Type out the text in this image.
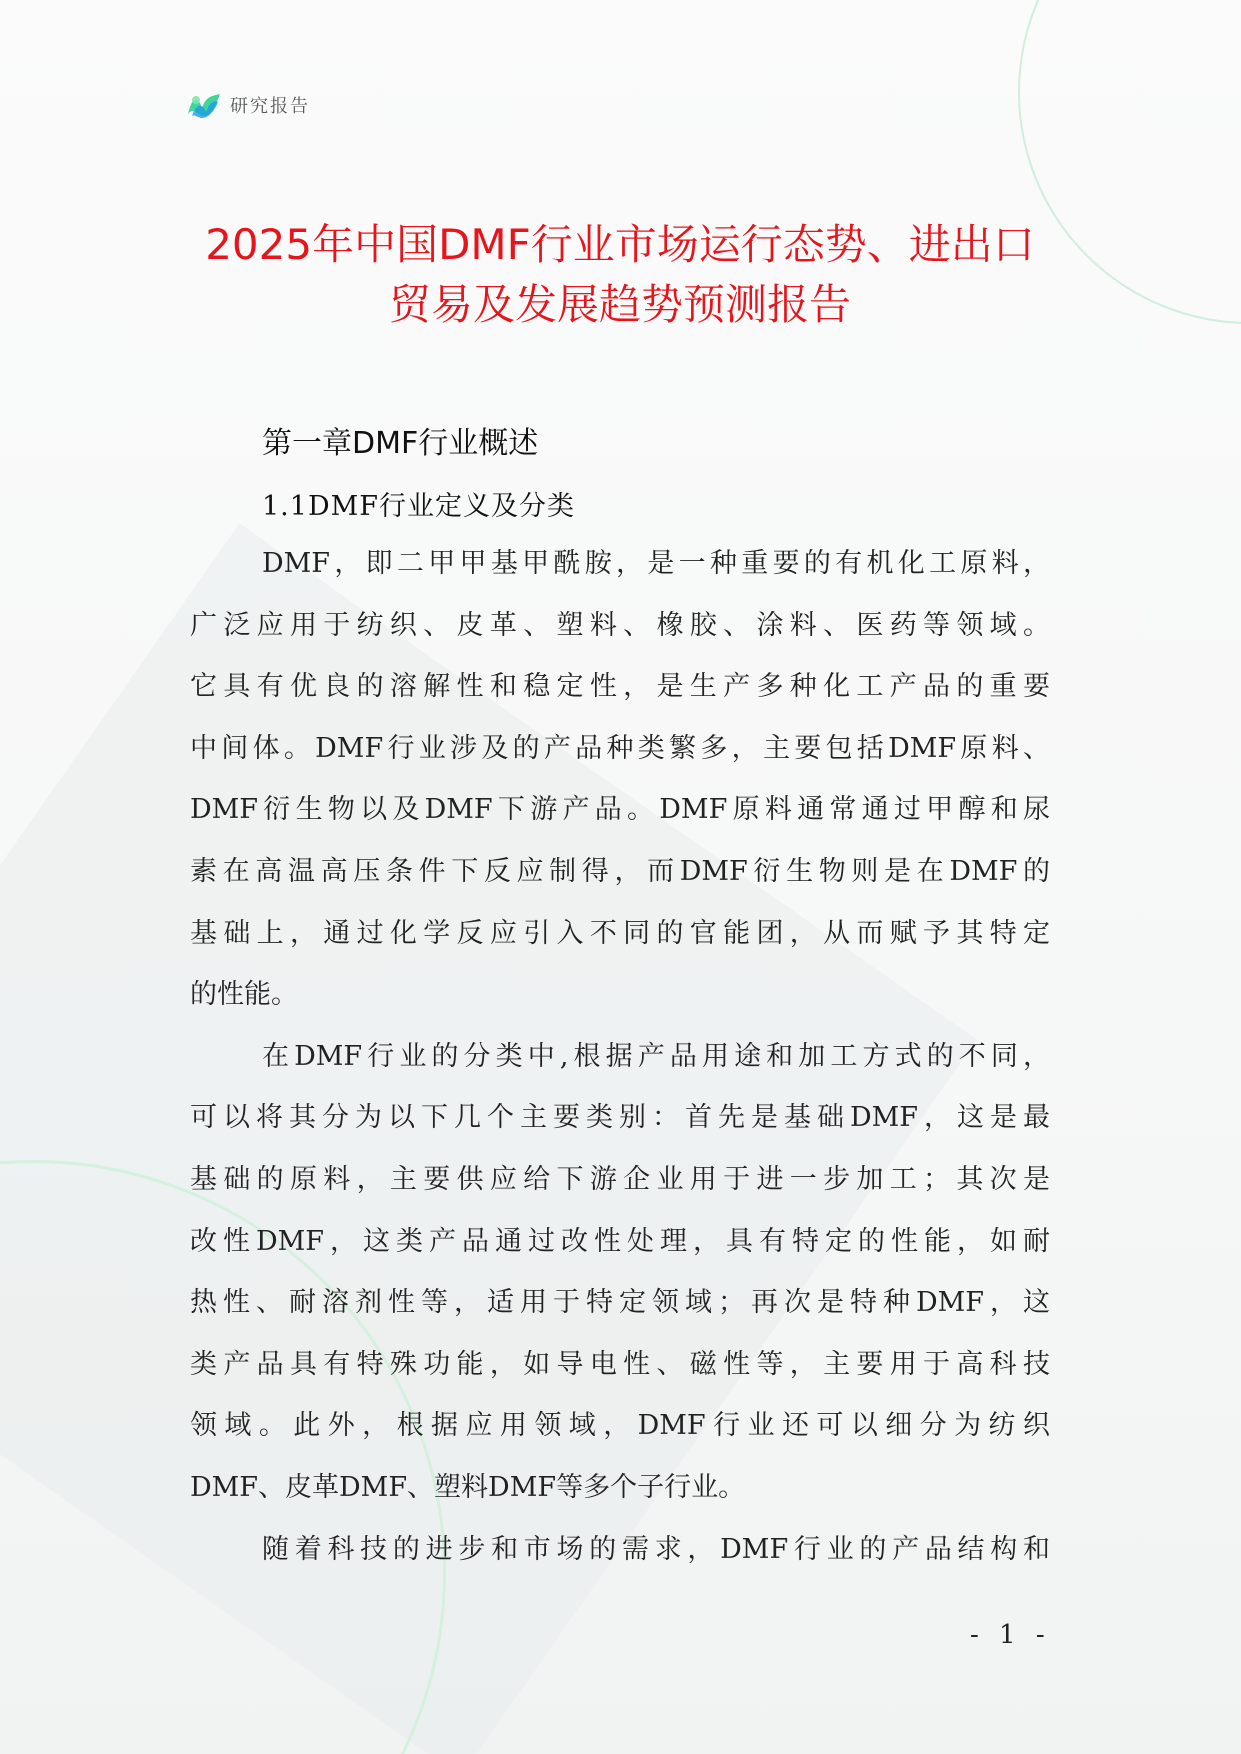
研究报告
2025年中国DMF行业市场运行态势、进出口
贸易及发展趋势预测报告
第一章DMF行业概述
1.1DMF行业定义及分类
DMF，即二甲甲基甲酰胺，是一种重要的有机化工原料，
广泛应用于纺织、皮革、塑料、橡胶、涂料、医药等领域。
它具有优良的溶解性和稳定性，是生产多种化工产品的重要
中间体。DMF行业涉及的产品种类繁多，主要包括DMF原料、
DMF衍生物以及DMF下游产品。DMF原料通常通过甲醇和尿
素在高温高压条件下反应制得，而DMF衍生物则是在DMF的
基础上，通过化学反应引入不同的官能团，从而赋予其特定
的性能。
在DMF行业的分类中,根据产品用途和加工方式的不同，
可以将其分为以下几个主要类别：首先是基础DMF，这是最
基础的原料，主要供应给下游企业用于进一步加工；其次是
改性DMF，这类产品通过改性处理，具有特定的性能，如耐
热性、耐溶剂性等，适用于特定领域；再次是特种DMF，这
类产品具有特殊功能，如导电性、磁性等，主要用于高科技
领域。此外，根据应用领域，DMF行业还可以细分为纺织
DMF、皮革DMF、塑料DMF等多个子行业。
随着科技的进步和市场的需求，DMF行业的产品结构和
- 1 -
